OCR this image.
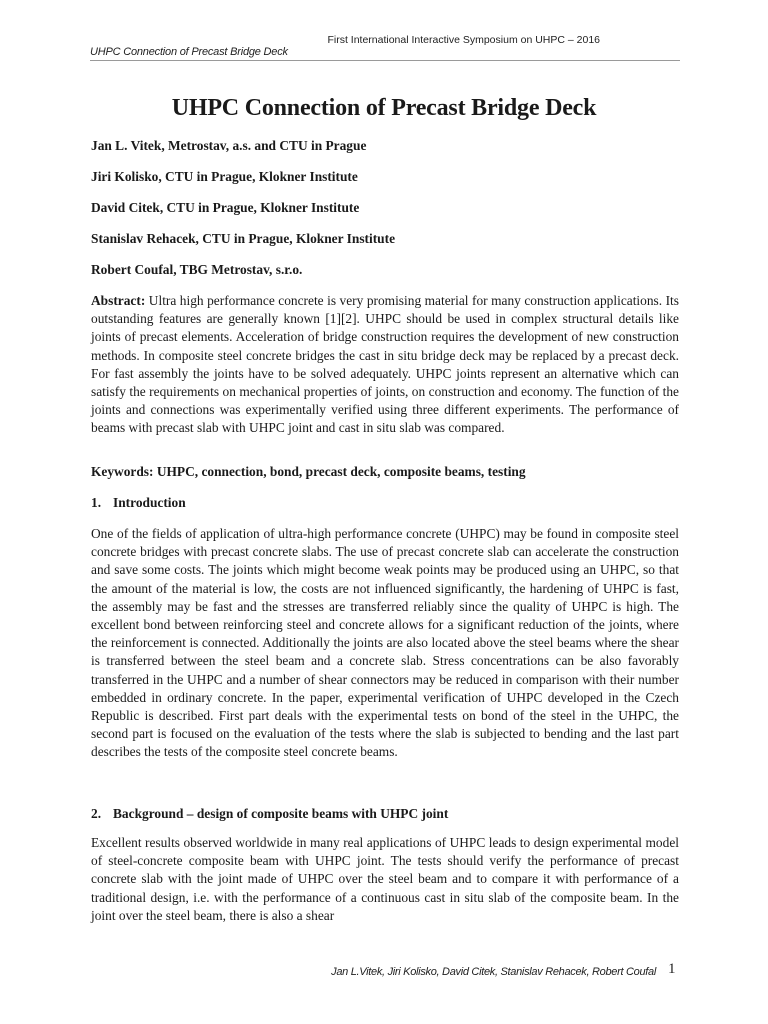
First International Interactive Symposium on UHPC – 2016
UHPC Connection of Precast Bridge Deck
UHPC Connection of Precast Bridge Deck

Jan L. Vitek, Metrostav, a.s. and CTU in Prague

Jiri Kolisko, CTU in Prague, Klokner Institute

David Citek, CTU in Prague, Klokner Institute

Stanislav Rehacek, CTU in Prague, Klokner Institute

Robert Coufal, TBG Metrostav, s.r.o.

Abstract: Ultra high performance concrete is very promising material for many construction applications. Its outstanding features are generally known [1][2]. UHPC should be used in complex structural details like joints of precast elements. Acceleration of bridge construction requires the development of new construction methods. In composite steel concrete bridges the cast in situ bridge deck may be replaced by a precast deck. For fast assembly the joints have to be solved adequately. UHPC joints represent an alternative which can satisfy the requirements on mechanical properties of joints, on construction and economy. The function of the joints and connections was experimentally verified using three different experiments. The performance of beams with precast slab with UHPC joint and cast in situ slab was compared.

Keywords: UHPC, connection, bond, precast deck, composite beams, testing

1. Introduction

One of the fields of application of ultra-high performance concrete (UHPC) may be found in composite steel concrete bridges with precast concrete slabs. The use of precast concrete slab can accelerate the construction and save some costs. The joints which might become weak points may be produced using an UHPC, so that the amount of the material is low, the costs are not influenced significantly, the hardening of UHPC is fast, the assembly may be fast and the stresses are transferred reliably since the quality of UHPC is high. The excellent bond between reinforcing steel and concrete allows for a significant reduction of the joints, where the reinforcement is connected. Additionally the joints are also located above the steel beams where the shear is transferred between the steel beam and a concrete slab. Stress concentrations can be also favorably transferred in the UHPC and a number of shear connectors may be reduced in comparison with their number embedded in ordinary concrete. In the paper, experimental verification of UHPC developed in the Czech Republic is described. First part deals with the experimental tests on bond of the steel in the UHPC, the second part is focused on the evaluation of the tests where the slab is subjected to bending and the last part describes the tests of the composite steel concrete beams.

2. Background – design of composite beams with UHPC joint

Excellent results observed worldwide in many real applications of UHPC leads to design experimental model of steel-concrete composite beam with UHPC joint. The tests should verify the performance of precast concrete slab with the joint made of UHPC over the steel beam and to compare it with performance of a traditional design, i.e. with the performance of a continuous cast in situ slab of the composite beam. In the joint over the steel beam, there is also a shear

Jan L.Vitek, Jiri Kolisko, David Citek, Stanislav Rehacek, Robert Coufal 1
